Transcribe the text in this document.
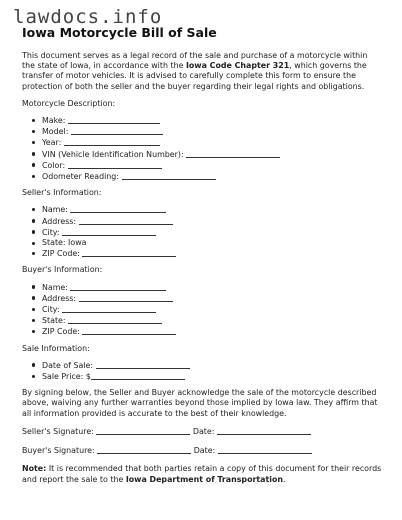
lawdocs.info
Iowa Motorcycle Bill of Sale

This document serves as a legal record of the sale and purchase of a motorcycle within the state of Iowa, in accordance with the Iowa Code Chapter 321, which governs the transfer of motor vehicles. It is advised to carefully complete this form to ensure the protection of both the seller and the buyer regarding their legal rights and obligations.

Motorcycle Description:

Make:
Model:
Year:
VIN (Vehicle Identification Number):
Color:
Odometer Reading:

Seller's Information:

Name:
Address:
City:
State: Iowa
ZIP Code:

Buyer's Information:

Name:
Address:
City:
State:
ZIP Code:

Sale Information:

Date of Sale:
Sale Price: $

By signing below, the Seller and Buyer acknowledge the sale of the motorcycle described above, waiving any further warranties beyond those implied by Iowa law. They affirm that all information provided is accurate to the best of their knowledge.

Seller's Signature:	Date:

Buyer's Signature:	Date:

Note: It is recommended that both parties retain a copy of this document for their records and report the sale to the Iowa Department of Transportation.
